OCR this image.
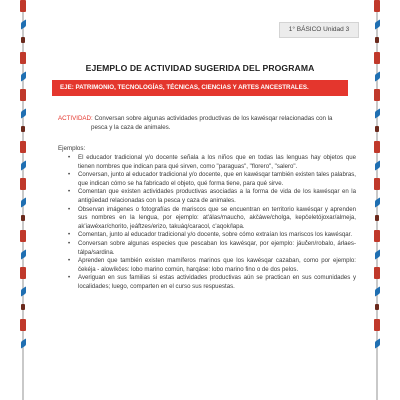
1° BÁSICO Unidad 3
EJEMPLO DE ACTIVIDAD SUGERIDA DEL PROGRAMA
EJE: PATRIMONIO, TECNOLOGÍAS, TÉCNICAS, CIENCIAS Y ARTES ANCESTRALES.
ACTIVIDAD: Conversan sobre algunas actividades productivas de los kawésqar relacionadas con la
pesca y la caza de animales.
Ejemplos:
• El educador tradicional y/o docente señala a los niños que en todas las lenguas hay objetos que tienen nombres que indican para qué sirven, como "paraguas", "florero", "salero".
• Conversan, junto al educador tradicional y/o docente, que en kawésqar también existen tales palabras, que indican cómo se ha fabricado el objeto, qué forma tiene, para qué sirve.
• Comentan que existen actividades productivas asociadas a la forma de vida de los kawésqar en la antigüedad relacionadas con la pesca y caza de animales.
• Observan imágenes o fotografías de mariscos que se encuentran en territorio kawésqar y aprenden sus nombres en la lengua, por ejemplo: at'álas/maucho, akčáwe/cholga, kepčeletójoxar/almeja, ak'iawéxar/chorito, jeáftzes/erizo, takuáq/caracol, c'aqok/lapa.
• Comentan, junto al educador tradicional y/o docente, sobre cómo extraían los mariscos los kawésqar.
• Conversan sobre algunas especies que pescaban los kawésqar, por ejemplo: jáuč̓en/robalo, árłaes- tálpa/sardina.
• Aprenden que también existen mamíferos marinos que los kawésqar cazaban, como por ejemplo: čekéja - alowíkčes: lobo marino común, harqáse: lobo marino fino o de dos pelos.
• Averiguan en sus familias si estas actividades productivas aún se practican en sus comunidades y localidades; luego, comparten en el curso sus respuestas.
